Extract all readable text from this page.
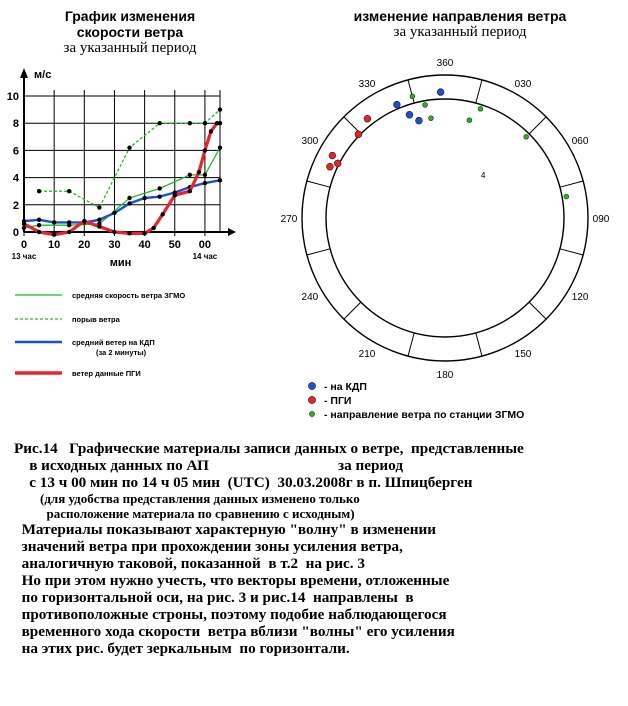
График изменения
скорости ветра
за указанный период
изменение направления ветра
за указанный период
0
2
4
6
8
10
м/с
0
13 час
10 20 30 40 50 00
14 час
мин
средняя скорость ветра ЗГМО
порыв ветра
средний ветер на КДП
(за 2 минуты)
ветер данные ПГИ
360
030
060
090
120
150
180
210
240
270
300
330
4
- на КДП
- ПГИ
- направление ветра по станции ЗГМО
Рис.14   Графические материалы записи данных о ветре,  представленные
в исходных данных по АП                                  за период
с 13 ч 00 мин по 14 ч 05 мин  (UTC)  30.03.2008г в п. Шпицберген
(для удобства представления данных изменено только
расположение материала по сравнению с исходным)
Материалы показывают характерную "волну" в изменении
значений ветра при прохождении зоны усиления ветра,
аналогичную таковой, показанной  в т.2  на рис. 3
Но при этом нужно учесть, что векторы времени, отложенные
по горизонтальной оси, на рис. 3 и рис.14  направлены  в
противоположные строны, поэтому подобие наблюдающегося
временного хода скорости  ветра вблизи "волны" его усиления
на этих рис. будет зеркальным  по горизонтали.
